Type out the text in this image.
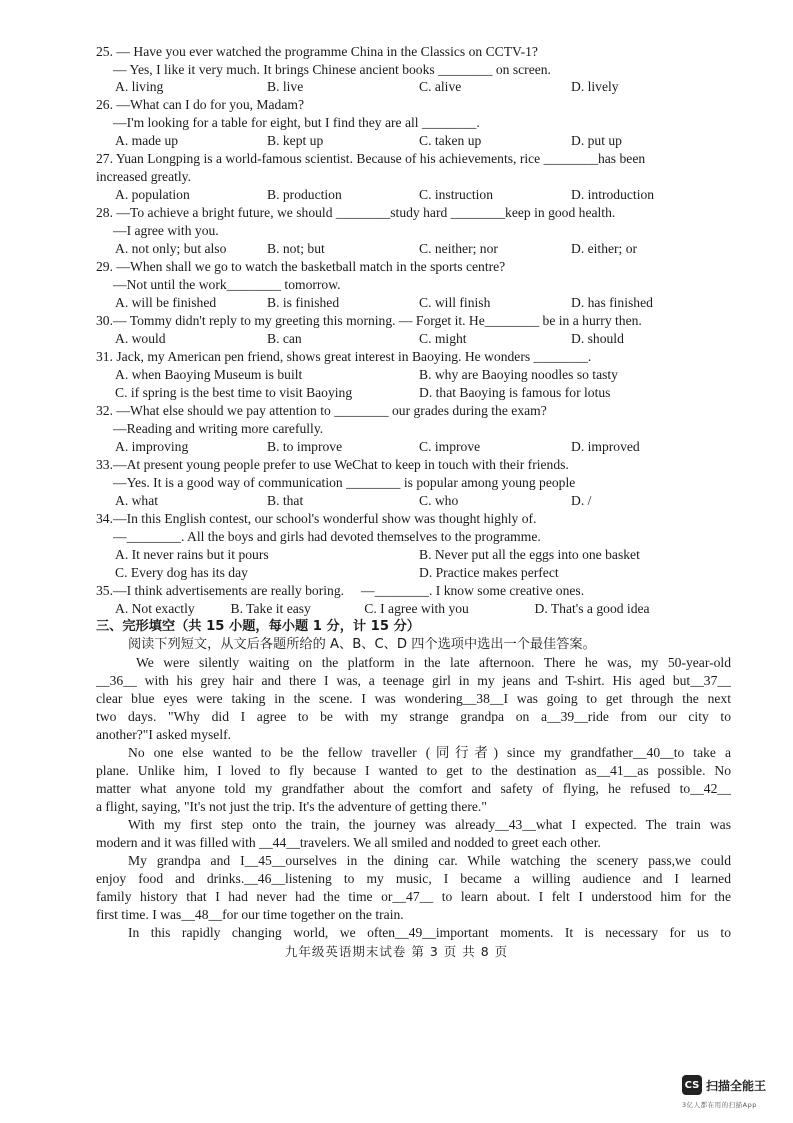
25. — Have you ever watched the programme China in the Classics on CCTV-1?
— Yes, I like it very much. It brings Chinese ancient books ________ on screen.
A. living	B. live	C. alive	D. lively
26. —What can I do for you, Madam?
—I'm looking for a table for eight, but I find they are all ________.
A. made up	B. kept up	C. taken up	D. put up
27. Yuan Longping is a world-famous scientist. Because of his achievements, rice ________has been
increased greatly.
A. population	B. production	C. instruction	D. introduction
28. —To achieve a bright future, we should ________study hard ________keep in good health.
—I agree with you.
A. not only; but also	B. not; but	C. neither; nor	D. either; or
29. —When shall we go to watch the basketball match in the sports centre?
—Not until the work________ tomorrow.
A. will be finished	B. is finished	C. will finish	D. has finished
30.— Tommy didn't reply to my greeting this morning. — Forget it. He________ be in a hurry then.
A. would	B. can	C. might	D. should
31. Jack, my American pen friend, shows great interest in Baoying. He wonders ________.
A. when Baoying Museum is built	B. why are Baoying noodles so tasty
C. if spring is the best time to visit Baoying	D. that Baoying is famous for lotus
32. —What else should we pay attention to ________ our grades during the exam?
—Reading and writing more carefully.
A. improving	B. to improve	C. improve	D. improved
33.—At present young people prefer to use WeChat to keep in touch with their friends.
—Yes. It is a good way of communication ________ is popular among young people
A. what	B. that	C. who	D. /
34.—In this English contest, our school's wonderful show was thought highly of.
—________. All the boys and girls had devoted themselves to the programme.
A. It never rains but it pours	B. Never put all the eggs into one basket
C. Every dog has its day	D. Practice makes perfect
35.—I think advertisements are really boring.     —________. I know some creative ones.
A. Not exactly	B. Take it easy	C. I agree with you	D. That's a good idea
三、完形填空（共 15 小题，每小题 1 分，计 15 分）
阅读下列短文，从文后各题所给的 A、B、C、D 四个选项中选出一个最佳答案。
We were silently waiting on the platform in the late afternoon. There he was, my 50-year-old
__36__ with his grey hair and there I was, a teenage girl in my jeans and T-shirt. His aged but__37__
clear blue eyes were taking in the scene. I was wondering__38__I was going to get through the next
two days. "Why did I agree to be with my strange grandpa on a__39__ride from our city to
another?"I asked myself.
No one else wanted to be the fellow traveller (同行者) since my grandfather__40__to take a
plane. Unlike him, I loved to fly because I wanted to get to the destination as__41__as possible. No
matter what anyone told my grandfather about the comfort and safety of flying, he refused to__42__
a flight, saying, "It's not just the trip. It's the adventure of getting there."
With my first step onto the train, the journey was already__43__what I expected. The train was
modern and it was filled with __44__travelers. We all smiled and nodded to greet each other.
My grandpa and I__45__ourselves in the dining car. While watching the scenery pass,we could
enjoy food and drinks.__46__listening to my music, I became a willing audience and I learned
family history that I had never had the time or__47__ to learn about. I felt I understood him for the
first time. I was__48__for our time together on the train.
In this rapidly changing world, we often__49__important moments. It is necessary for us to
九年级英语期末试卷 第 3 页 共 8 页
CS 扫描全能王
3亿人都在用的扫描App
